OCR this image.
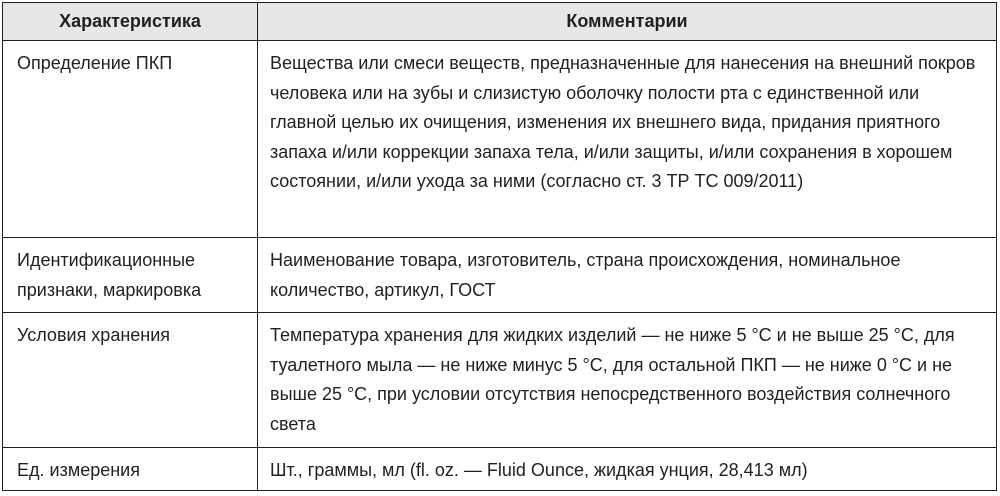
Характеристика	Комментарии
Определение ПКП	Вещества или смеси веществ, предназначенные для нанесения на внешний покров человека или на зубы и слизистую оболочку полости рта с единственной или главной целью их очищения, изменения их внешнего вида, придания приятного запаха и/или коррекции запаха тела, и/или защиты, и/или сохранения в хорошем состоянии, и/или ухода за ними (согласно ст. 3 ТР ТС 009/2011)
Идентификационные признаки, маркировка	Наименование товара, изготовитель, страна происхождения, номинальное количество, артикул, ГОСТ
Условия хранения	Температура хранения для жидких изделий — не ниже 5 °С и не выше 25 °С, для туалетного мыла — не ниже минус 5 °С, для остальной ПКП — не ниже 0 °С и не выше 25 °С, при условии отсутствия непосредственного воздействия солнечного света
Ед. измерения	Шт., граммы, мл (fl. oz. — Fluid Ounce, жидкая унция, 28,413 мл)
